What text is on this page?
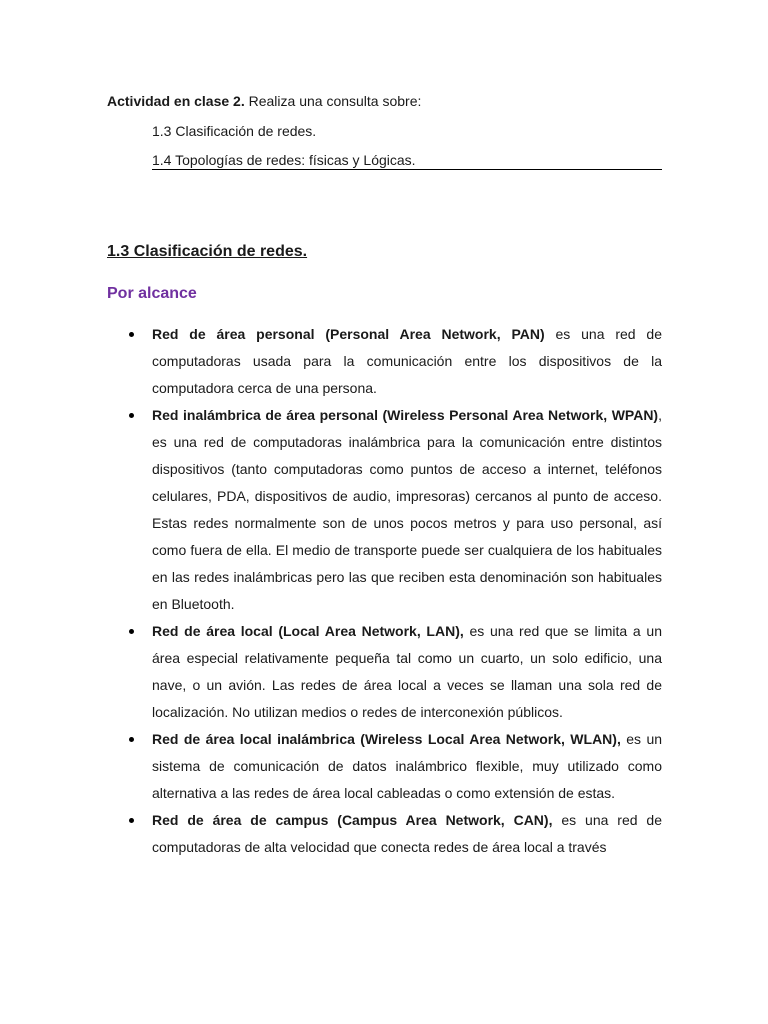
Actividad en clase 2. Realiza una consulta sobre:
1.3 Clasificación de redes.
1.4 Topologías de redes: físicas y Lógicas.
1.3 Clasificación de redes.
Por alcance
Red de área personal (Personal Area Network, PAN) es una red de computadoras usada para la comunicación entre los dispositivos de la computadora cerca de una persona.
Red inalámbrica de área personal (Wireless Personal Area Network, WPAN), es una red de computadoras inalámbrica para la comunicación entre distintos dispositivos (tanto computadoras como puntos de acceso a internet, teléfonos celulares, PDA, dispositivos de audio, impresoras) cercanos al punto de acceso. Estas redes normalmente son de unos pocos metros y para uso personal, así como fuera de ella. El medio de transporte puede ser cualquiera de los habituales en las redes inalámbricas pero las que reciben esta denominación son habituales en Bluetooth.
Red de área local (Local Area Network, LAN), es una red que se limita a un área especial relativamente pequeña tal como un cuarto, un solo edificio, una nave, o un avión. Las redes de área local a veces se llaman una sola red de localización. No utilizan medios o redes de interconexión públicos.
Red de área local inalámbrica (Wireless Local Area Network, WLAN), es un sistema de comunicación de datos inalámbrico flexible, muy utilizado como alternativa a las redes de área local cableadas o como extensión de estas.
Red de área de campus (Campus Area Network, CAN), es una red de computadoras de alta velocidad que conecta redes de área local a través
